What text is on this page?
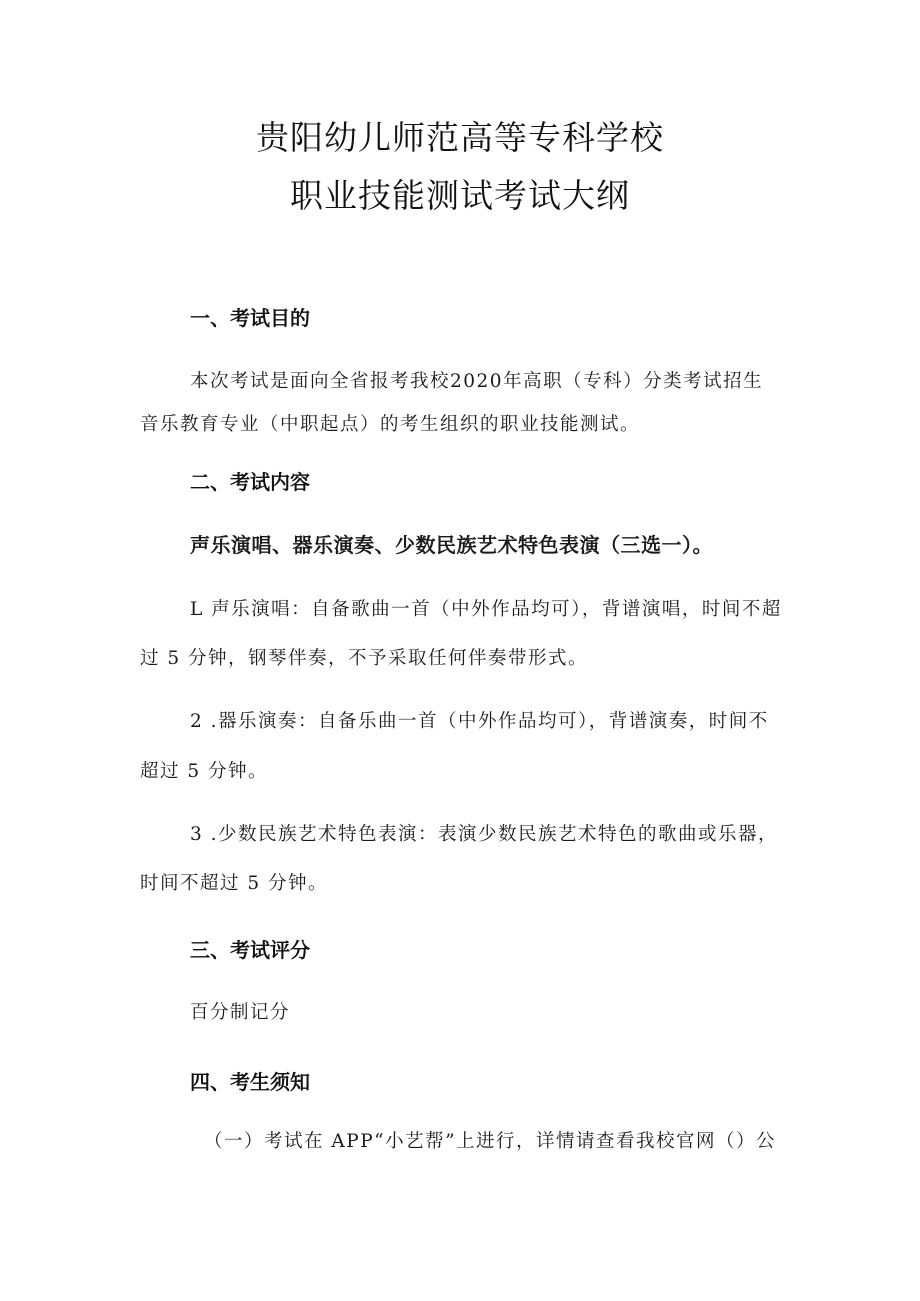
贵阳幼儿师范高等专科学校
职业技能测试考试大纲
一、考试目的
本次考试是面向全省报考我校2020年高职（专科）分类考试招生
音乐教育专业（中职起点）的考生组织的职业技能测试。
二、考试内容
声乐演唱、器乐演奏、少数民族艺术特色表演（三选一）。
L 声乐演唱：自备歌曲一首（中外作品均可），背谱演唱，时间不超
过 5 分钟，钢琴伴奏，不予采取任何伴奏带形式。
2 .器乐演奏：自备乐曲一首（中外作品均可），背谱演奏，时间不
超过 5 分钟。
3 .少数民族艺术特色表演：表演少数民族艺术特色的歌曲或乐器，
时间不超过 5 分钟。
三、考试评分
百分制记分
四、考生须知
（一）考试在 APP“小艺帮”上进行，详情请查看我校官网（）公
